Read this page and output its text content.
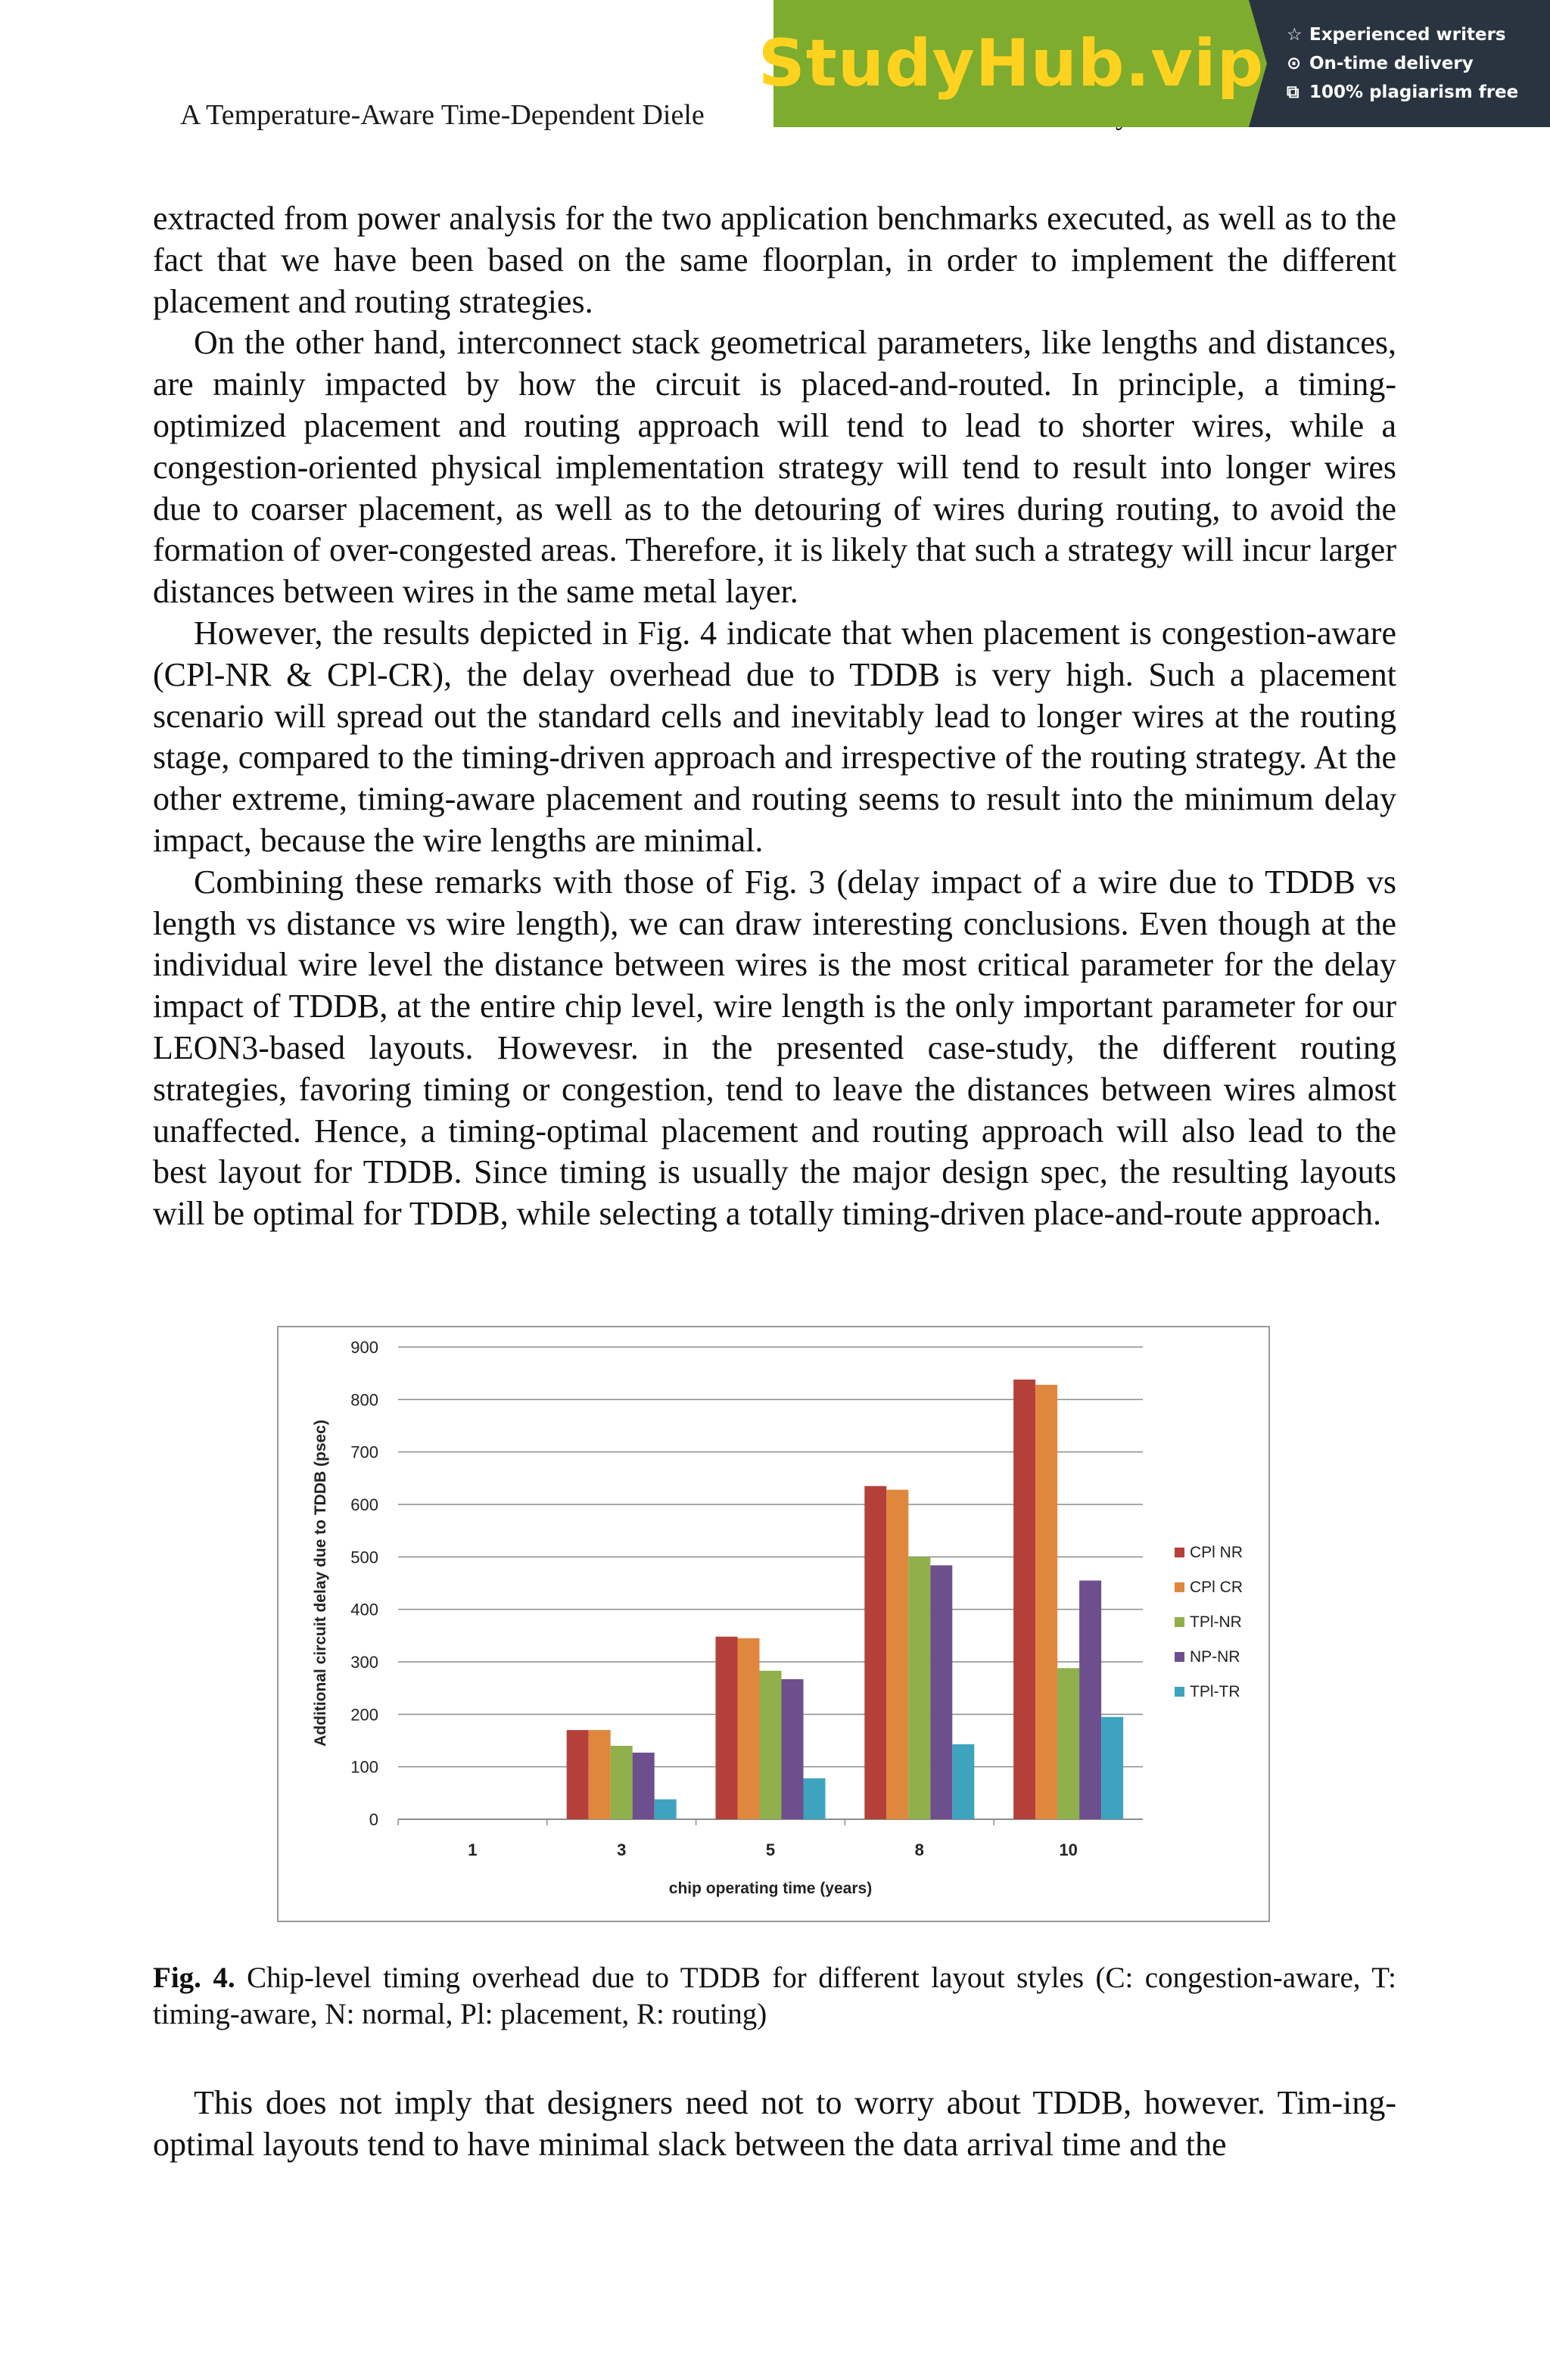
A Temperature-Aware Time-Dependent Diele
StudyHub.vip ☆ Experienced writers
⊙ On-time delivery
⧉ 100% plagiarism free

extracted from power analysis for the two application benchmarks executed, as well as to the fact that we have been based on the same floorplan, in order to implement the different placement and routing strategies.

On the other hand, interconnect stack geometrical parameters, like lengths and distances, are mainly impacted by how the circuit is placed-and-routed. In principle, a timing-optimized placement and routing approach will tend to lead to shorter wires, while a congestion-oriented physical implementation strategy will tend to result into longer wires due to coarser placement, as well as to the detouring of wires during routing, to avoid the formation of over-congested areas. Therefore, it is likely that such a strategy will incur larger distances between wires in the same metal layer.

However, the results depicted in Fig. 4 indicate that when placement is congestion-aware (CPl-NR & CPl-CR), the delay overhead due to TDDB is very high. Such a placement scenario will spread out the standard cells and inevitably lead to longer wires at the routing stage, compared to the timing-driven approach and irrespective of the routing strategy. At the other extreme, timing-aware placement and routing seems to result into the minimum delay impact, because the wire lengths are minimal.

Combining these remarks with those of Fig. 3 (delay impact of a wire due to TDDB vs length vs distance vs wire length), we can draw interesting conclusions. Even though at the individual wire level the distance between wires is the most critical parameter for the delay impact of TDDB, at the entire chip level, wire length is the only important parameter for our LEON3-based layouts. Howevesr. in the presented case-study, the different routing strategies, favoring timing or congestion, tend to leave the distances between wires almost unaffected. Hence, a timing-optimal placement and routing approach will also lead to the best layout for TDDB. Since timing is usually the major design spec, the resulting layouts will be optimal for TDDB, while selecting a totally timing-driven place-and-route approach.

0
100
200
300
400
500
600
700
800
900
Additional circuit delay due to TDDB (psec)
1	3	5	8	10
chip operating time (years)
CPl NR
CPl CR
TPl-NR
NP-NR
TPl-TR
Fig. 4. Chip-level timing overhead due to TDDB for different layout styles (C: congestion-aware, T: timing-aware, N: normal, Pl: placement, R: routing)

This does not imply that designers need not to worry about TDDB, however. Tim-ing-optimal layouts tend to have minimal slack between the data arrival time and the
